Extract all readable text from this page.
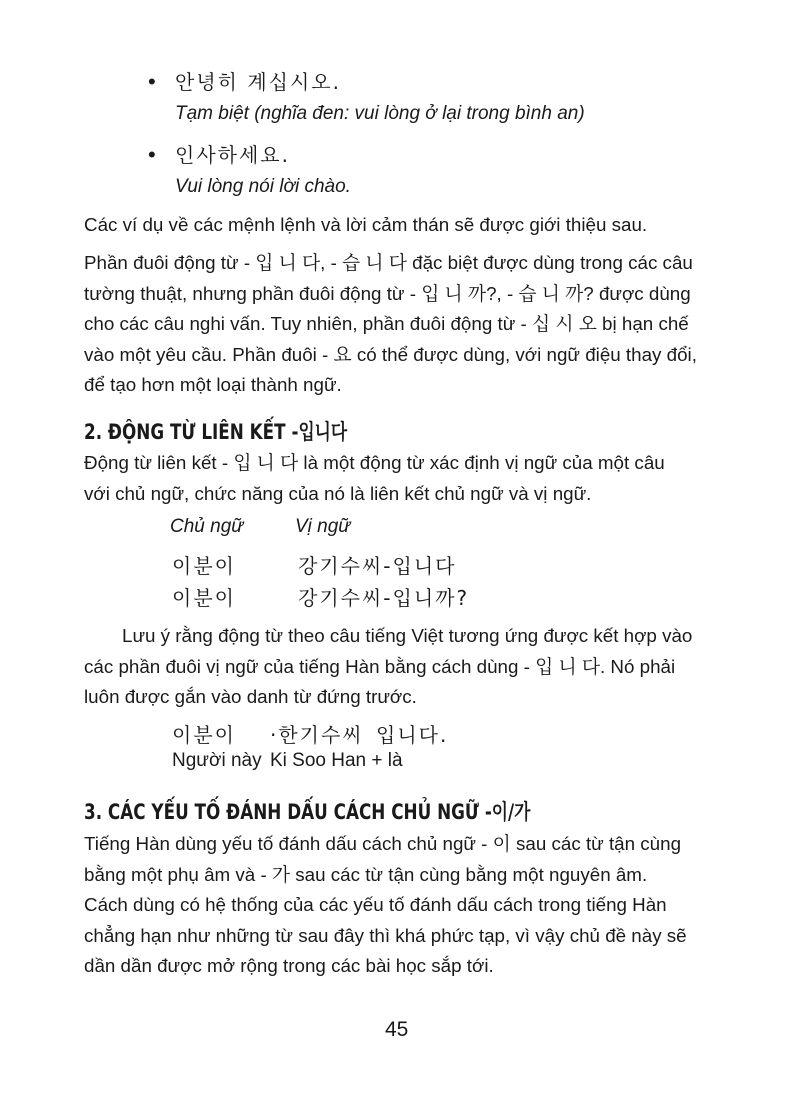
• 안녕히 계십시오.
Tạm biệt (nghĩa đen: vui lòng ở lại trong bình an)
• 인사하세요.
Vui lòng nói lời chào.

Các ví dụ về các mệnh lệnh và lời cảm thán sẽ được giới thiệu sau.

Phần đuôi động từ - 입 니 다, - 습 니 다 đặc biệt được dùng trong các câu

tường thuật, nhưng phần đuôi động từ - 입 니 까?, - 습 니 까? được dùng

cho các câu nghi vấn. Tuy nhiên, phần đuôi động từ - 십 시 오 bị hạn chế

vào một yêu cầu. Phần đuôi - 요 có thể được dùng, với ngữ điệu thay đổi,

để tạo hơn một loại thành ngữ.

2. ĐỘNG TỪ LIÊN KẾT -입니다

Động từ liên kết - 입 니 다 là một động từ xác định vị ngữ của một câu

với chủ ngữ, chức năng của nó là liên kết chủ ngữ và vị ngữ.

Chủ ngữ	Vị ngữ
이분이	강기수씨-입니다
이분이	강기수씨-입니까?

Lưu ý rằng động từ theo câu tiếng Việt tương ứng được kết hợp vào

các phần đuôi vị ngữ của tiếng Hàn bằng cách dùng - 입 니 다. Nó phải

luôn được gắn vào danh từ đứng trước.

이분이 ·한기수씨 입니다.
Người này Ki Soo Han + là
3. CÁC YẾU TỐ ĐÁNH DẤU CÁCH CHỦ NGỮ -이/가

Tiếng Hàn dùng yếu tố đánh dấu cách chủ ngữ - 이 sau các từ tận cùng

bằng một phụ âm và - 가 sau các từ tận cùng bằng một nguyên âm.

Cách dùng có hệ thống của các yếu tố đánh dấu cách trong tiếng Hàn

chẳng hạn như những từ sau đây thì khá phức tạp, vì vậy chủ đề này sẽ

dần dần được mở rộng trong các bài học sắp tới.

45
